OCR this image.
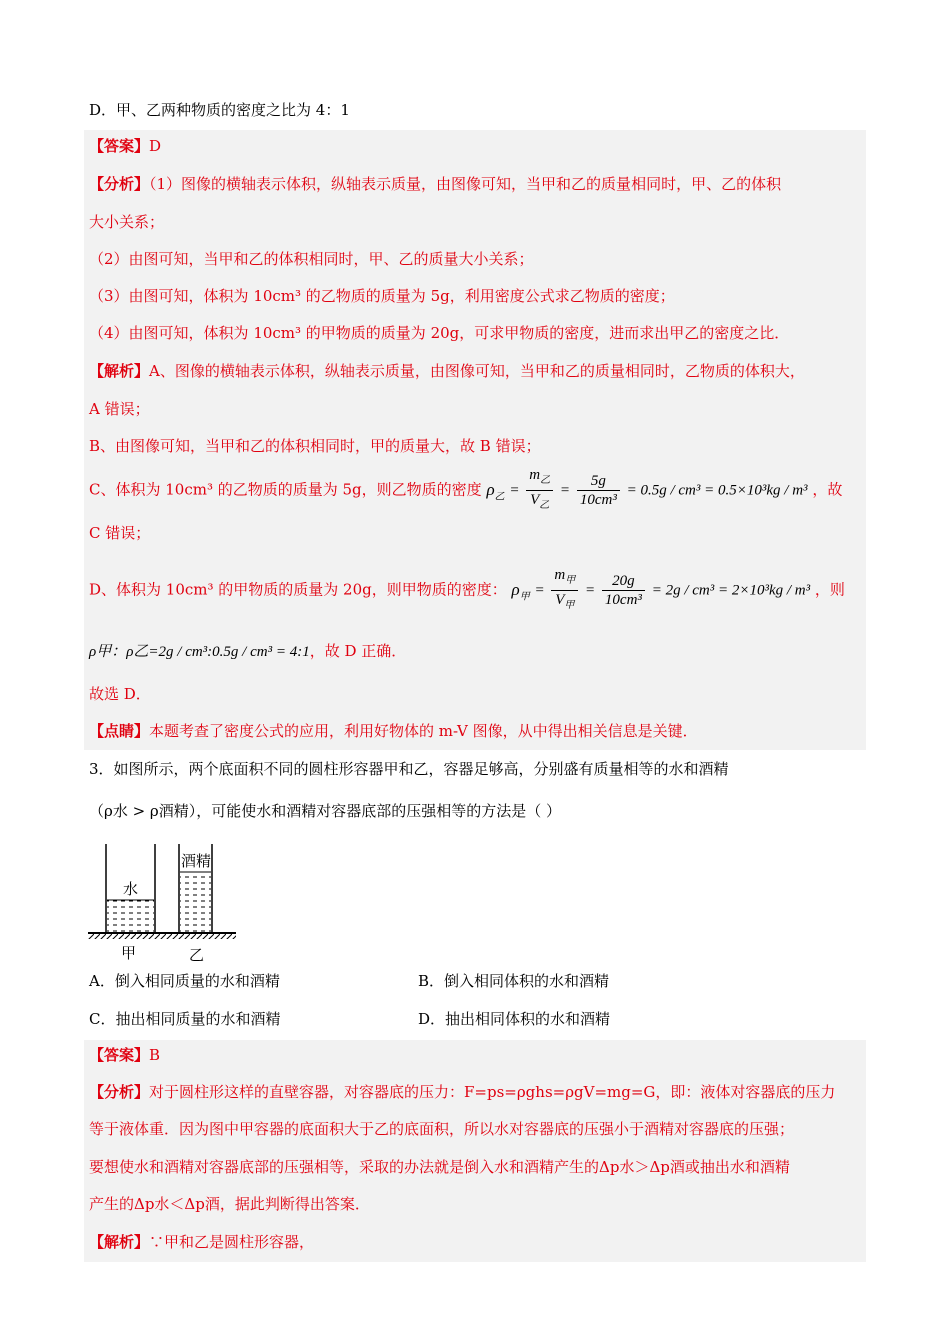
D．甲、乙两种物质的密度之比为 4：1
【答案】D
【分析】（1）图像的横轴表示体积，纵轴表示质量，由图像可知，当甲和乙的质量相同时，甲、乙的体积
大小关系；
（2）由图可知，当甲和乙的体积相同时，甲、乙的质量大小关系；
（3）由图可知，体积为 10cm³ 的乙物质的质量为 5g，利用密度公式求乙物质的密度；
（4）由图可知，体积为 10cm³ 的甲物质的质量为 20g，可求甲物质的密度，进而求出甲乙的密度之比．
【解析】A、图像的横轴表示体积，纵轴表示质量，由图像可知，当甲和乙的质量相同时，乙物质的体积大，
A 错误；
B、由图像可知，当甲和乙的体积相同时，甲的质量大，故 B 错误；
C、体积为 10cm³ 的乙物质的质量为 5g，则乙物质的密度 $\rho_乙 = \frac{m_乙}{V_乙} = \frac{5g}{\text{10cm³}} = 0.5g / cm^3 = 0.5\times 10^3kg / m^3$ ，故
C 错误；
D、体积为 10cm³ 的甲物质的质量为 20g，则甲物质的密度： $\rho_甲 = \frac{m_甲}{V_甲} = \frac{20g}{\text{10cm³}} = 2g / cm^3 = 2\times 10^3kg / m^3$ ，则
ρ甲：ρ乙=2g / cm³:0.5g / cm³ = 4:1，故 D 正确．
故选 D．
【点睛】本题考查了密度公式的应用，利用好物体的 m-V 图像，从中得出相关信息是关键．
3．如图所示，两个底面积不同的圆柱形容器甲和乙，容器足够高，分别盛有质量相等的水和酒精
（ρ水 > ρ酒精），可能使水和酒精对容器底部的压强相等的方法是（ ）
水
酒精
甲	乙
A．倒入相同质量的水和酒精	B．倒入相同体积的水和酒精
C．抽出相同质量的水和酒精	D．抽出相同体积的水和酒精
【答案】B
【分析】对于圆柱形这样的直壁容器，对容器底的压力：F=ps=ρghs=ρgV=mg=G，即：液体对容器底的压力
等于液体重．因为图中甲容器的底面积大于乙的底面积，所以水对容器底的压强小于酒精对容器底的压强；
要想使水和酒精对容器底部的压强相等，采取的办法就是倒入水和酒精产生的Δp水＞Δp酒或抽出水和酒精
产生的Δp水＜Δp酒，据此判断得出答案．
【解析】∵甲和乙是圆柱形容器，
